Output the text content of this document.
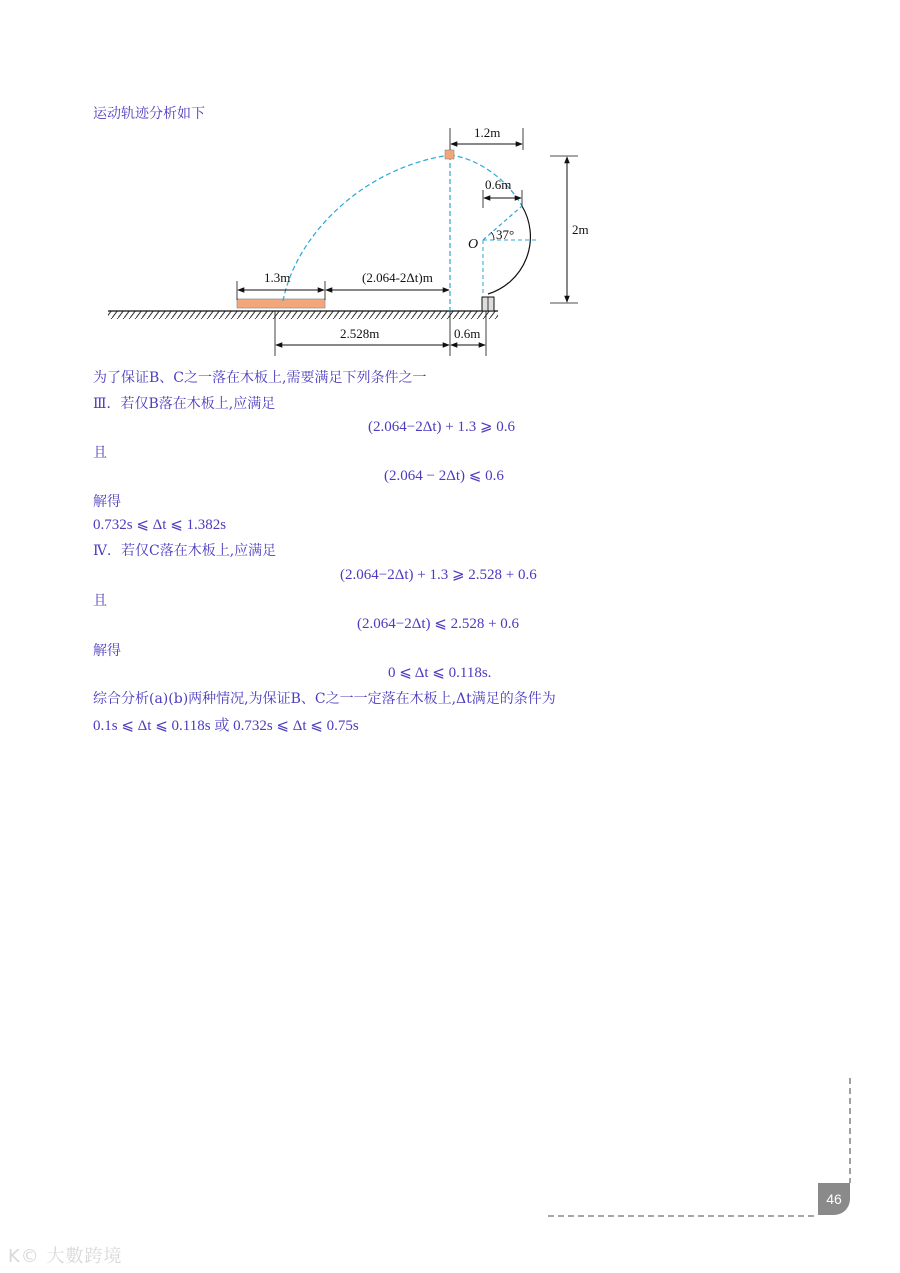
运动轨迹分析如下
1.2m
0.6m
2m
O
37°
1.3m	(2.064-2Δt)m
2.528m	0.6m
为了保证B、C之一落在木板上,需要满足下列条件之一
Ⅲ．若仅B落在木板上,应满足
(2.064−2Δt) + 1.3 ⩾ 0.6
且
(2.064 − 2Δt) ⩽ 0.6
解得
0.732s ⩽ Δt ⩽ 1.382s
Ⅳ．若仅C落在木板上,应满足
(2.064−2Δt) + 1.3 ⩾ 2.528 + 0.6
且
(2.064−2Δt) ⩽ 2.528 + 0.6
解得
0 ⩽ Δt ⩽ 0.118s.
综合分析(a)(b)两种情况,为保证B、C之一一定落在木板上,Δt满足的条件为
0.1s ⩽ Δt ⩽ 0.118s 或 0.732s ⩽ Δt ⩽ 0.75s
46
K© 大數跨境
